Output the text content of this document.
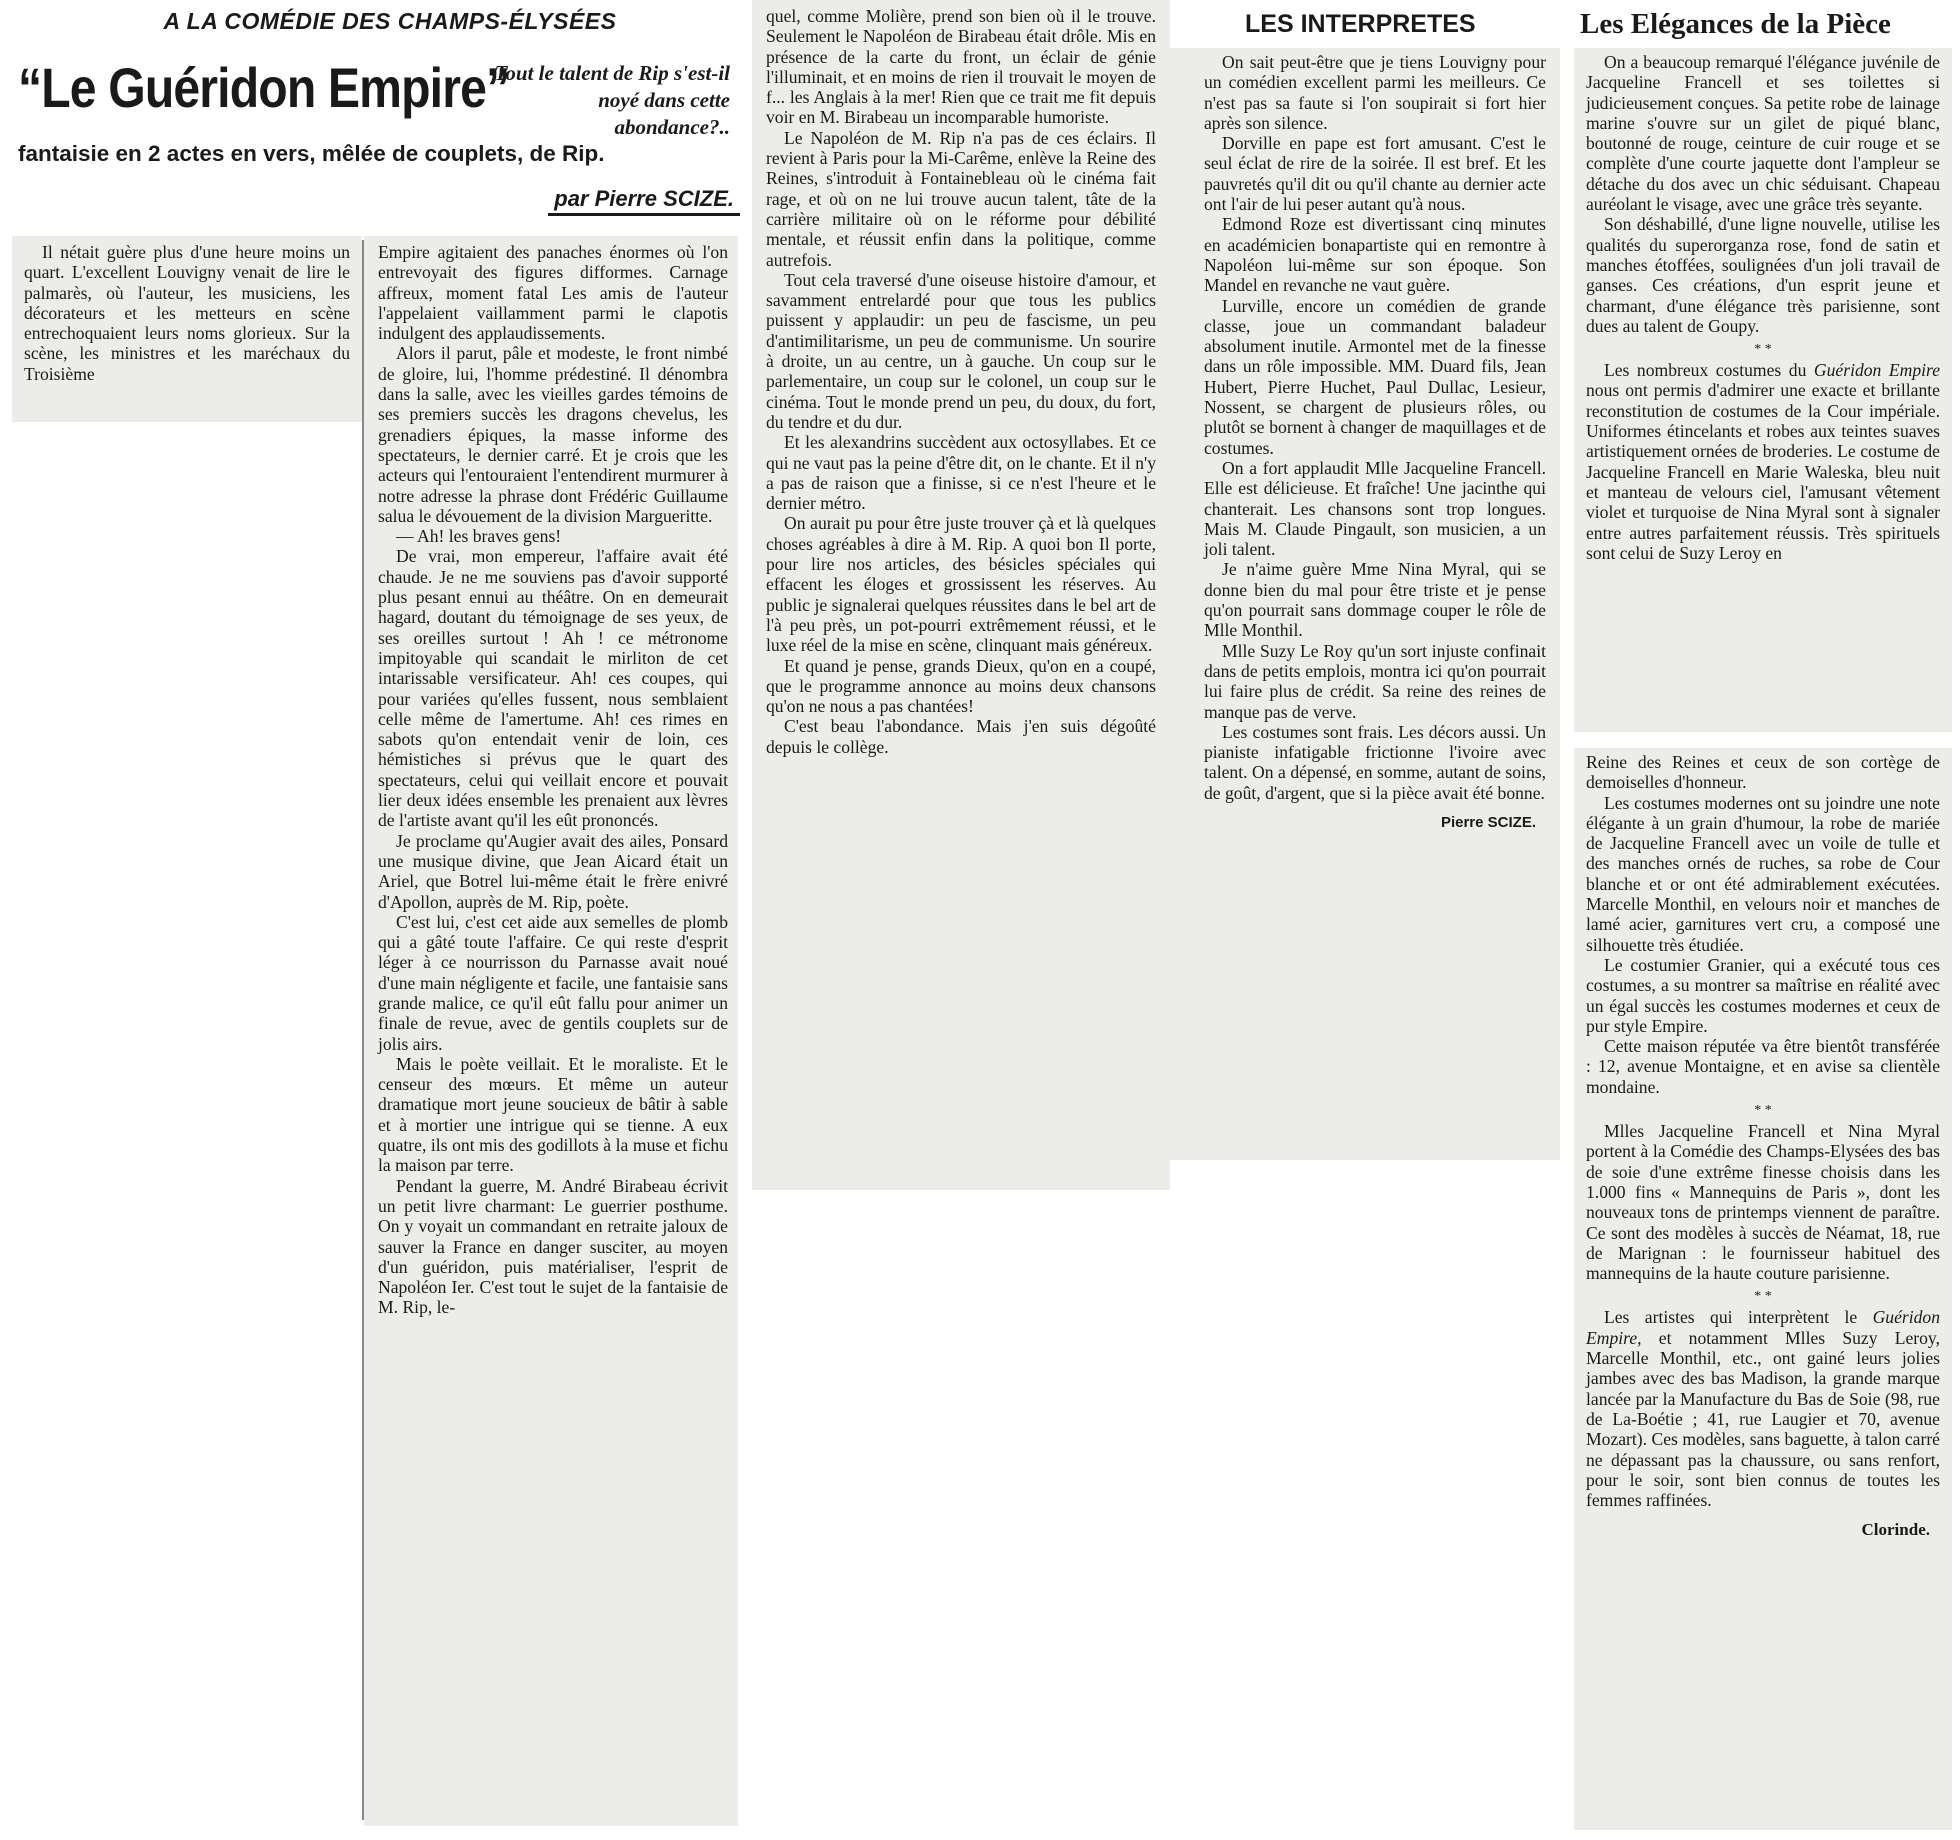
A LA COMÉDIE DES CHAMPS-ÉLYSÉES
“Le Guéridon Empire”
Tout le talent de Rip s'est-il noyé dans cette abondance?..
fantaisie en 2 actes en vers, mêlée de couplets, de Rip.
par Pierre SCIZE.

Il nétait guère plus d'une heure moins un quart. L'excellent Louvigny venait de lire le palmarès, où l'auteur, les musiciens, les décorateurs et les metteurs en scène entrechoquaient leurs noms glorieux. Sur la scène, les ministres et les maréchaux du Troisième

Empire agitaient des panaches énormes où l'on entrevoyait des figures difformes. Carnage affreux, moment fatal Les amis de l'auteur l'appelaient vaillamment parmi le clapotis indulgent des applaudissements.

Alors il parut, pâle et modeste, le front nimbé de gloire, lui, l'homme prédestiné. Il dénombra dans la salle, avec les vieilles gardes témoins de ses premiers succès les dragons chevelus, les grenadiers épiques, la masse informe des spectateurs, le dernier carré. Et je crois que les acteurs qui l'entouraient l'entendirent murmurer à notre adresse la phrase dont Frédéric Guillaume salua le dévouement de la division Margueritte.

— Ah! les braves gens!

De vrai, mon empereur, l'affaire avait été chaude. Je ne me souviens pas d'avoir supporté plus pesant ennui au théâtre. On en demeurait hagard, doutant du témoignage de ses yeux, de ses oreilles surtout ! Ah ! ce métronome impitoyable qui scandait le mirliton de cet intarissable versificateur. Ah! ces coupes, qui pour variées qu'elles fussent, nous semblaient celle même de l'amertume. Ah! ces rimes en sabots qu'on entendait venir de loin, ces hémistiches si prévus que le quart des spectateurs, celui qui veillait encore et pouvait lier deux idées ensemble les prenaient aux lèvres de l'artiste avant qu'il les eût prononcés.

Je proclame qu'Augier avait des ailes, Ponsard une musique divine, que Jean Aicard était un Ariel, que Botrel lui-même était le frère enivré d'Apollon, auprès de M. Rip, poète.

C'est lui, c'est cet aide aux semelles de plomb qui a gâté toute l'affaire. Ce qui reste d'esprit léger à ce nourrisson du Parnasse avait noué d'une main négligente et facile, une fantaisie sans grande malice, ce qu'il eût fallu pour animer un finale de revue, avec de gentils couplets sur de jolis airs.

Mais le poète veillait. Et le moraliste. Et le censeur des mœurs. Et même un auteur dramatique mort jeune soucieux de bâtir à sable et à mortier une intrigue qui se tienne. A eux quatre, ils ont mis des godillots à la muse et fichu la maison par terre.

Pendant la guerre, M. André Birabeau écrivit un petit livre charmant: Le guerrier posthume. On y voyait un commandant en retraite jaloux de sauver la France en danger susciter, au moyen d'un guéridon, puis matérialiser, l'esprit de Napoléon Ier. C'est tout le sujet de la fantaisie de M. Rip, le-

quel, comme Molière, prend son bien où il le trouve. Seulement le Napoléon de Birabeau était drôle. Mis en présence de la carte du front, un éclair de génie l'illuminait, et en moins de rien il trouvait le moyen de f... les Anglais à la mer! Rien que ce trait me fit depuis voir en M. Birabeau un incomparable humoriste.

Le Napoléon de M. Rip n'a pas de ces éclairs. Il revient à Paris pour la Mi-Carême, enlève la Reine des Reines, s'introduit à Fontainebleau où le cinéma fait rage, et où on ne lui trouve aucun talent, tâte de la carrière militaire où on le réforme pour débilité mentale, et réussit enfin dans la politique, comme autrefois.

Tout cela traversé d'une oiseuse histoire d'amour, et savamment entrelardé pour que tous les publics puissent y applaudir: un peu de fascisme, un peu d'antimilitarisme, un peu de communisme. Un sourire à droite, un au centre, un à gauche. Un coup sur le parlementaire, un coup sur le colonel, un coup sur le cinéma. Tout le monde prend un peu, du doux, du fort, du tendre et du dur.

Et les alexandrins succèdent aux octosyllabes. Et ce qui ne vaut pas la peine d'être dit, on le chante. Et il n'y a pas de raison que a finisse, si ce n'est l'heure et le dernier métro.

On aurait pu pour être juste trouver çà et là quelques choses agréables à dire à M. Rip. A quoi bon Il porte, pour lire nos articles, des bésicles spéciales qui effacent les éloges et grossissent les réserves. Au public je signalerai quelques réussites dans le bel art de l'à peu près, un pot-pourri extrêmement réussi, et le luxe réel de la mise en scène, clinquant mais généreux.

Et quand je pense, grands Dieux, qu'on en a coupé, que le programme annonce au moins deux chansons qu'on ne nous a pas chantées!

C'est beau l'abondance. Mais j'en suis dégoûté depuis le collège.

LES INTERPRETES

On sait peut-être que je tiens Louvigny pour un comédien excellent parmi les meilleurs. Ce n'est pas sa faute si l'on soupirait si fort hier après son silence.

Dorville en pape est fort amusant. C'est le seul éclat de rire de la soirée. Il est bref. Et les pauvretés qu'il dit ou qu'il chante au dernier acte ont l'air de lui peser autant qu'à nous.

Edmond Roze est divertissant cinq minutes en académicien bonapartiste qui en remontre à Napoléon lui-même sur son époque. Son Mandel en revanche ne vaut guère.

Lurville, encore un comédien de grande classe, joue un commandant baladeur absolument inutile. Armontel met de la finesse dans un rôle impossible. MM. Duard fils, Jean Hubert, Pierre Huchet, Paul Dullac, Lesieur, Nossent, se chargent de plusieurs rôles, ou plutôt se bornent à changer de maquillages et de costumes.

On a fort applaudit Mlle Jacqueline Francell. Elle est délicieuse. Et fraîche! Une jacinthe qui chanterait. Les chansons sont trop longues. Mais M. Claude Pingault, son musicien, a un joli talent.

Je n'aime guère Mme Nina Myral, qui se donne bien du mal pour être triste et je pense qu'on pourrait sans dommage couper le rôle de Mlle Monthil.

Mlle Suzy Le Roy qu'un sort injuste confinait dans de petits emplois, montra ici qu'on pourrait lui faire plus de crédit. Sa reine des reines de manque pas de verve.

Les costumes sont frais. Les décors aussi. Un pianiste infatigable frictionne l'ivoire avec talent. On a dépensé, en somme, autant de soins, de goût, d'argent, que si la pièce avait été bonne.

Pierre SCIZE.
Les Elégances de la Pièce

On a beaucoup remarqué l'élégance juvénile de Jacqueline Francell et ses toilettes si judicieusement conçues. Sa petite robe de lainage marine s'ouvre sur un gilet de piqué blanc, boutonné de rouge, ceinture de cuir rouge et se complète d'une courte jaquette dont l'ampleur se détache du dos avec un chic séduisant. Chapeau auréolant le visage, avec une grâce très seyante.

Son déshabillé, d'une ligne nouvelle, utilise les qualités du superorganza rose, fond de satin et manches étoffées, soulignées d'un joli travail de ganses. Ces créations, d'un esprit jeune et charmant, d'une élégance très parisienne, sont dues au talent de Goupy.

* *

Les nombreux costumes du Guéridon Empire nous ont permis d'admirer une exacte et brillante reconstitution de costumes de la Cour impériale. Uniformes étincelants et robes aux teintes suaves artistiquement ornées de broderies. Le costume de Jacqueline Francell en Marie Waleska, bleu nuit et manteau de velours ciel, l'amusant vêtement violet et turquoise de Nina Myral sont à signaler entre autres parfaitement réussis. Très spirituels sont celui de Suzy Leroy en

Reine des Reines et ceux de son cortège de demoiselles d'honneur.

Les costumes modernes ont su joindre une note élégante à un grain d'humour, la robe de mariée de Jacqueline Francell avec un voile de tulle et des manches ornés de ruches, sa robe de Cour blanche et or ont été admirablement exécutées. Marcelle Monthil, en velours noir et manches de lamé acier, garnitures vert cru, a composé une silhouette très étudiée.

Le costumier Granier, qui a exécuté tous ces costumes, a su montrer sa maîtrise en réalité avec un égal succès les costumes modernes et ceux de pur style Empire.

Cette maison réputée va être bientôt transférée : 12, avenue Montaigne, et en avise sa clientèle mondaine.

* *

Mlles Jacqueline Francell et Nina Myral portent à la Comédie des Champs-Elysées des bas de soie d'une extrême finesse choisis dans les 1.000 fins « Mannequins de Paris », dont les nouveaux tons de printemps viennent de paraître. Ce sont des modèles à succès de Néamat, 18, rue de Marignan : le fournisseur habituel des mannequins de la haute couture parisienne.

* *

Les artistes qui interprètent le Guéridon Empire, et notamment Mlles Suzy Leroy, Marcelle Monthil, etc., ont gainé leurs jolies jambes avec des bas Madison, la grande marque lancée par la Manufacture du Bas de Soie (98, rue de La-Boétie ; 41, rue Laugier et 70, avenue Mozart). Ces modèles, sans baguette, à talon carré ne dépassant pas la chaussure, ou sans renfort, pour le soir, sont bien connus de toutes les femmes raffinées.

Clorinde.
